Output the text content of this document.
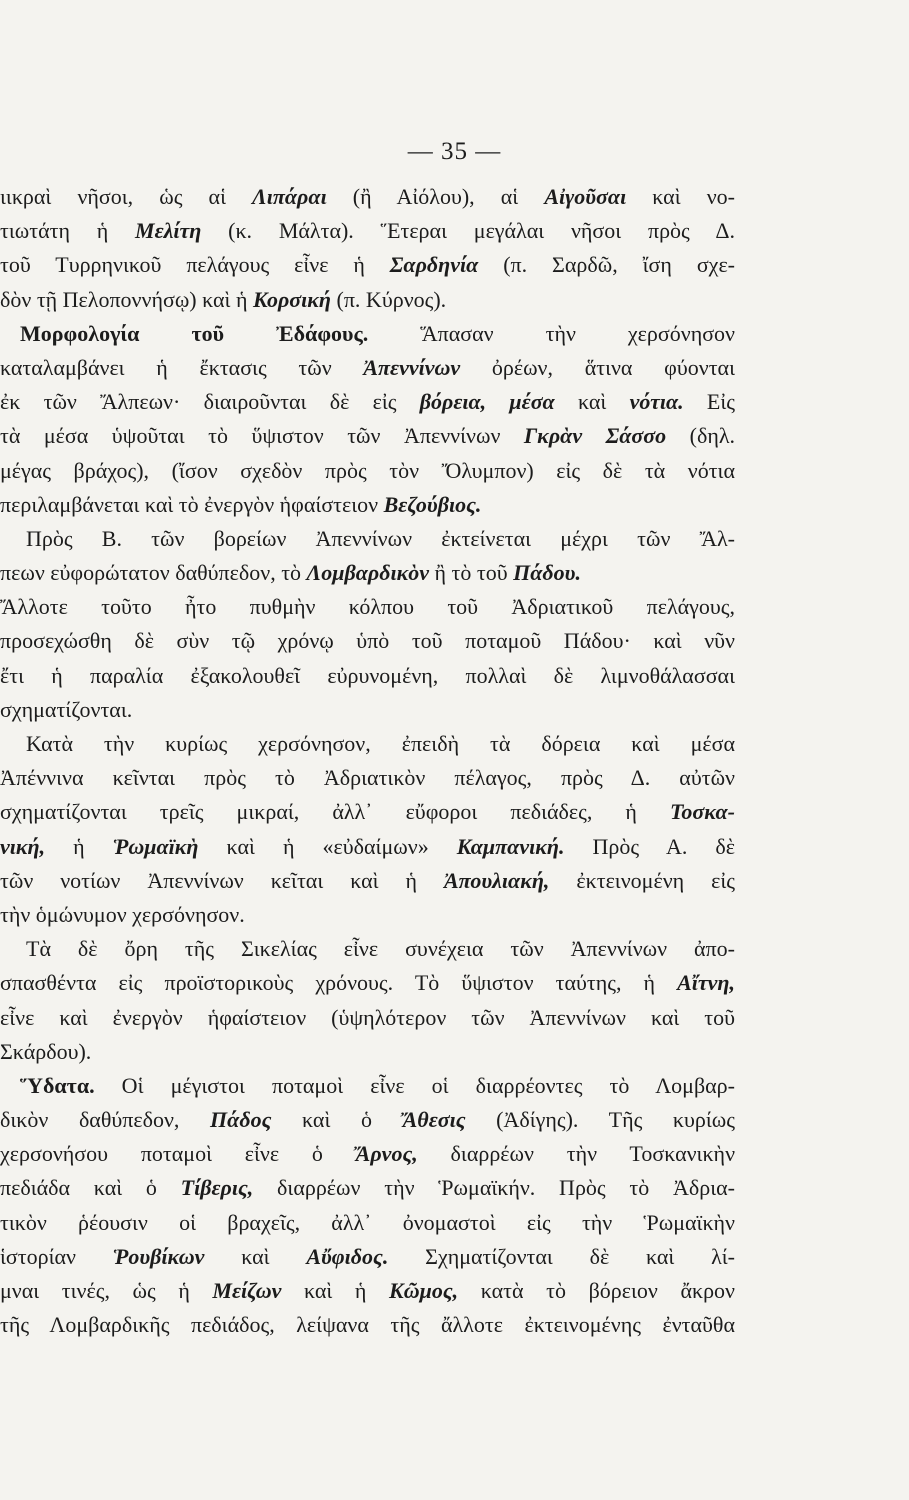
— 35 —
ιικραὶ νῆσοι, ὡς αἱ Λιπάραι (ἢ Αἰόλου), αἱ Αἰγοῦσαι καὶ νο-
τιωτάτη ἡ Μελίτη (κ. Μάλτα). Ἕτεραι μεγάλαι νῆσοι πρὸς Δ.
τοῦ Τυρρηνικοῦ πελάγους εἶνε ἡ Σαρδηνία (π. Σαρδῶ, ἴση σχε-
δὸν τῇ Πελοποννήσῳ) καὶ ἡ Κορσική (π. Κύρνος).
Μορφολογία τοῦ Ἐδάφους. Ἅπασαν τὴν χερσόνησον
καταλαμβάνει ἡ ἔκτασις τῶν Ἀπεννίνων ὀρέων, ἅτινα φύονται
ἐκ τῶν Ἄλπεων· διαιροῦνται δὲ εἰς βόρεια, μέσα καὶ νότια. Εἰς
τὰ μέσα ὑψοῦται τὸ ὕψιστον τῶν Ἀπεννίνων Γκρὰν Σάσσο (δηλ.
μέγας βράχος), (ἴσον σχεδὸν πρὸς τὸν Ὄλυμπον) εἰς δὲ τὰ νότια
περιλαμβάνεται καὶ τὸ ἐνεργὸν ἡφαίστειον Βεζούβιος.
Πρὸς Β. τῶν βορείων Ἀπεννίνων ἐκτείνεται μέχρι τῶν Ἄλ-
πεων εὐφορώτατον δαθύπεδον, τὸ Λομβαρδικὸν ἢ τὸ τοῦ Πάδου.
Ἄλλοτε τοῦτο ἦτο πυθμὴν κόλπου τοῦ Ἀδριατικοῦ πελάγους,
προσεχώσθη δὲ σὺν τῷ χρόνῳ ὑπὸ τοῦ ποταμοῦ Πάδου· καὶ νῦν
ἔτι ἡ παραλία ἐξακολουθεῖ εὐρυνομένη, πολλαὶ δὲ λιμνοθάλασσαι
σχηματίζονται.
Κατὰ τὴν κυρίως χερσόνησον, ἐπειδὴ τὰ δόρεια καὶ μέσα
Ἀπέννινα κεῖνται πρὸς τὸ Ἀδριατικὸν πέλαγος, πρὸς Δ. αὐτῶν
σχηματίζονται τρεῖς μικραί, ἀλλ᾽ εὔφοροι πεδιάδες, ἡ Τοσκα-
νική, ἡ Ῥωμαϊκὴ καὶ ἡ «εὐδαίμων» Καμπανική. Πρὸς Α. δὲ
τῶν νοτίων Ἀπεννίνων κεῖται καὶ ἡ Ἀπουλιακή, ἐκτεινομένη εἰς
τὴν ὁμώνυμον χερσόνησον.
Τὰ δὲ ὄρη τῆς Σικελίας εἶνε συνέχεια τῶν Ἀπεννίνων ἀπο-
σπασθέντα εἰς προϊστορικοὺς χρόνους. Τὸ ὕψιστον ταύτης, ἡ Αἴτνη,
εἶνε καὶ ἐνεργὸν ἡφαίστειον (ὑψηλότερον τῶν Ἀπεννίνων καὶ τοῦ
Σκάρδου).
Ὕδατα. Οἱ μέγιστοι ποταμοὶ εἶνε οἱ διαρρέοντες τὸ Λομβαρ-
δικὸν δαθύπεδον, Πάδος καὶ ὁ Ἄθεσις (Ἀδίγης). Τῆς κυρίως
χερσονήσου ποταμοὶ εἶνε ὁ Ἄρνος, διαρρέων τὴν Τοσκανικὴν
πεδιάδα καὶ ὁ Τίβερις, διαρρέων τὴν Ῥωμαϊκήν. Πρὸς τὸ Ἀδρια-
τικὸν ῥέουσιν οἱ βραχεῖς, ἀλλ᾽ ὀνομαστοὶ εἰς τὴν Ῥωμαϊκὴν
ἱστορίαν Ῥουβίκων καὶ Αὔφιδος. Σχηματίζονται δὲ καὶ λί-
μναι τινές, ὡς ἡ Μείζων καὶ ἡ Κῶμος, κατὰ τὸ βόρειον ἄκρον
τῆς Λομβαρδικῆς πεδιάδος, λείψανα τῆς ἄλλοτε ἐκτεινομένης ἐνταῦθα
